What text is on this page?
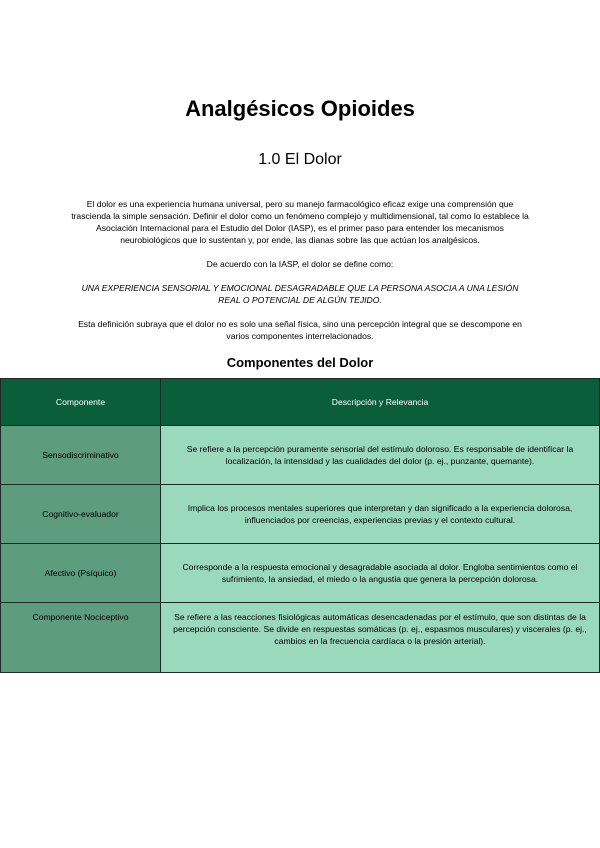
Analgésicos Opioides
1.0 El Dolor

El dolor es una experiencia humana universal, pero su manejo farmacológico eficaz exige una comprensión que trascienda la simple sensación. Definir el dolor como un fenómeno complejo y multidimensional, tal como lo establece la Asociación Internacional para el Estudio del Dolor (IASP), es el primer paso para entender los mecanismos neurobiológicos que lo sustentan y, por ende, las dianas sobre las que actúan los analgésicos.

De acuerdo con la IASP, el dolor se define como:

UNA EXPERIENCIA SENSORIAL Y EMOCIONAL DESAGRADABLE QUE LA PERSONA ASOCIA A UNA LESIÓN REAL O POTENCIAL DE ALGÚN TEJIDO.

Esta definición subraya que el dolor no es solo una señal física, sino una percepción integral que se descompone en varios componentes interrelacionados.

Componentes del Dolor
Componente	Descripción y Relevancia
Sensodiscriminativo	Se refiere a la percepción puramente sensorial del estímulo doloroso. Es responsable de identificar la localización, la intensidad y las cualidades del dolor (p. ej., punzante, quemante).
Cognitivo-evaluador	Implica los procesos mentales superiores que interpretan y dan significado a la experiencia dolorosa, influenciados por creencias, experiencias previas y el contexto cultural.
Afectivo (Psíquico)	Corresponde a la respuesta emocional y desagradable asociada al dolor. Engloba sentimientos como el sufrimiento, la ansiedad, el miedo o la angustia que genera la percepción dolorosa.
Componente Nociceptivo	Se refiere a las reacciones fisiológicas automáticas desencadenadas por el estímulo, que son distintas de la percepción consciente. Se divide en respuestas somáticas (p. ej., espasmos musculares) y viscerales (p. ej., cambios en la frecuencia cardíaca o la presión arterial).
